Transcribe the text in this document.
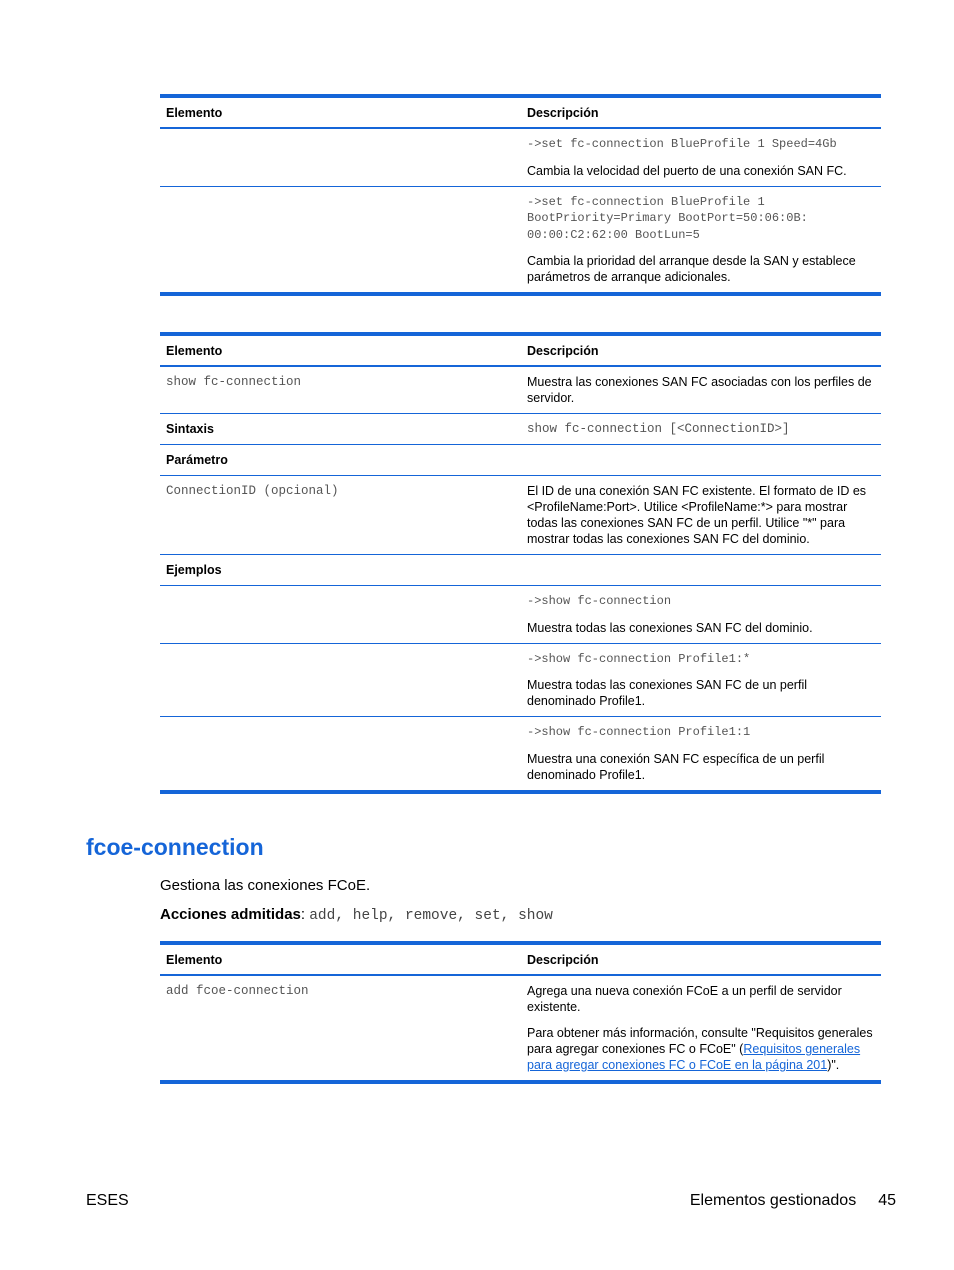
Elemento	Descripción

	->set fc-connection BlueProfile 1 Speed=4Gb

Cambia la velocidad del puerto de una conexión SAN FC.

	->set fc-connection BlueProfile 1
BootPriority=Primary BootPort=50:06:0B:
00:00:C2:62:00 BootLun=5

Cambia la prioridad del arranque desde la SAN y establece parámetros de arranque adicionales.

Elemento	Descripción
show fc-connection	Muestra las conexiones SAN FC asociadas con los perfiles de servidor.
Sintaxis	show fc-connection [<ConnectionID>]
Parámetro	
ConnectionID (opcional)	El ID de una conexión SAN FC existente. El formato de ID es <ProfileName:Port>. Utilice <ProfileName:*> para mostrar todas las conexiones SAN FC de un perfil. Utilice "*" para mostrar todas las conexiones SAN FC del dominio.
Ejemplos	

	->show fc-connection

Muestra todas las conexiones SAN FC del dominio.

	->show fc-connection Profile1:*

Muestra todas las conexiones SAN FC de un perfil denominado Profile1.

	->show fc-connection Profile1:1

Muestra una conexión SAN FC específica de un perfil denominado Profile1.

fcoe-connection

Gestiona las conexiones FCoE.

Acciones admitidas: add, help, remove, set, show

Elemento	Descripción
add fcoe-connection	Agrega una nueva conexión FCoE a un perfil de servidor existente.

Para obtener más información, consulte "Requisitos generales para agregar conexiones FC o FCoE" (Requisitos generales para agregar conexiones FC o FCoE en la página 201)".

ESES	Elementos gestionados 45
